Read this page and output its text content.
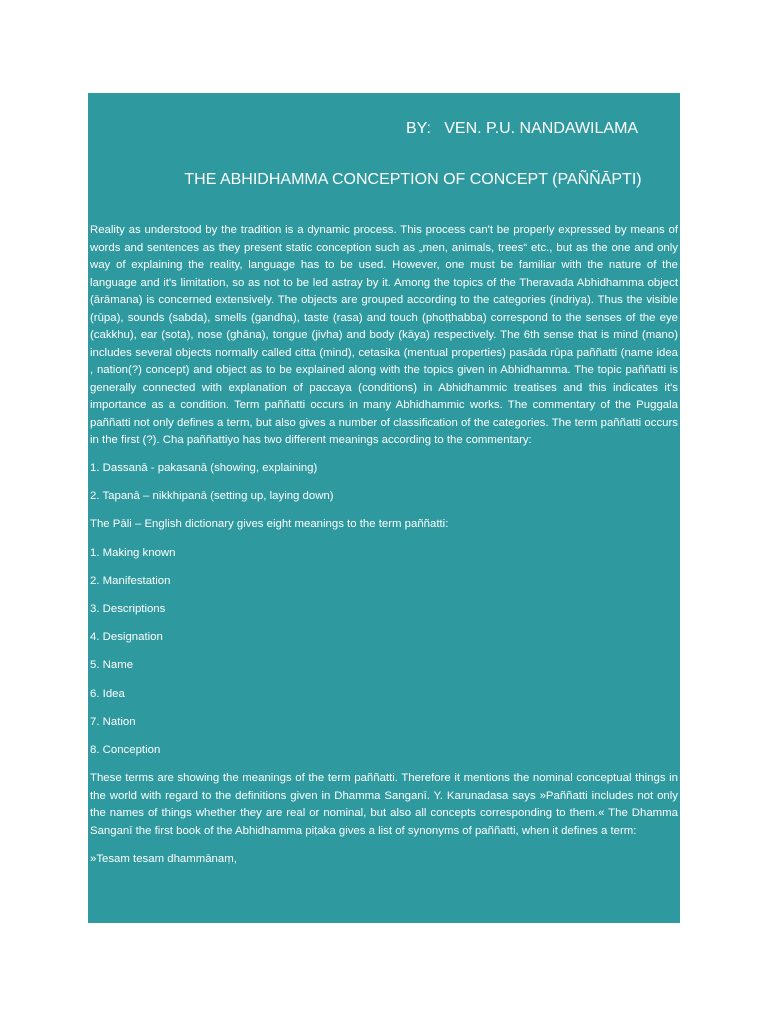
BY:   VEN. P.U. NANDAWILAMA
THE ABHIDHAMMA CONCEPTION OF CONCEPT (PAÑÑĀPTI)

Reality as understood by the tradition is a dynamic process. This process can't be properly expressed by means of words and sentences as they present static conception such as „men, animals, trees“ etc., but as the one and only way of explaining the reality, language has to be used. However, one must be familiar with the nature of the language and it's limitation, so as not to be led astray by it. Among the topics of the Theravada Abhidhamma object (ārāmana) is concerned extensively. The objects are grouped according to the categories (indriya). Thus the visible (rūpa), sounds (sabda), smells (gandha), taste (rasa) and touch (phoṭṭhabba) correspond to the senses of the eye (cakkhu), ear (sota), nose (ghāna), tongue (jivha) and body (kāya) respectively. The 6th sense that is mind (mano) includes several objects normally called citta (mind), cetasika (mentual properties) pasāda rūpa paññatti (name idea , nation(?) concept) and object as to be explained along with the topics given in Abhidhamma. The topic paññatti is generally connected with explanation of paccaya (conditions) in Abhidhammic treatises and this indicates it's importance as a condition. Term paññatti occurs in many Abhidhammic works. The commentary of the Puggala paññatti not only defines a term, but also gives a number of classification of the categories. The term paññatti occurs in the first (?). Cha paññattiyo has two different meanings according to the commentary:

1. Dassanā - pakasanā (showing, explaining)

2. Tapanā – nikkhipanā (setting up, laying down)

The Pāli – English dictionary gives eight meanings to the term paññatti:

1. Making known

2. Manifestation

3. Descriptions

4. Designation

5. Name

6. Idea

7. Nation

8. Conception

These terms are showing the meanings of the term paññatti. Therefore it mentions the nominal conceptual things in the world with regard to the definitions given in Dhamma Sanganī. Y. Karunadasa says »Paññatti includes not only the names of things whether they are real or nominal, but also all concepts corresponding to them.« The Dhamma Sanganī the first book of the Abhidhamma piṭaka gives a list of synonyms of paññatti, when it defines a term:

»Tesam tesam dhammānaṃ,
